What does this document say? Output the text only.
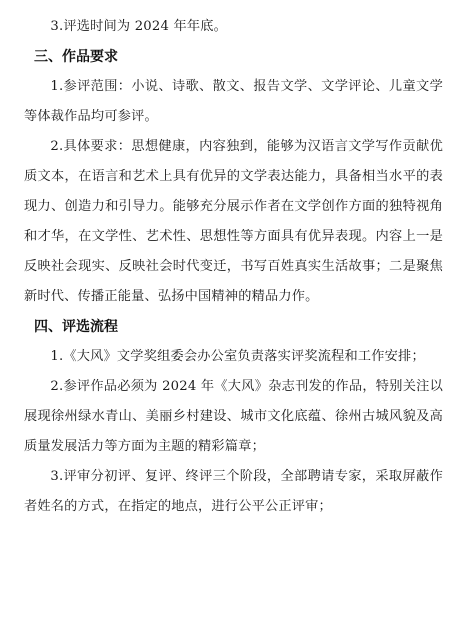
3.评选时间为 2024 年年底。

三、作品要求

1.参评范围：小说、诗歌、散文、报告文学、文学评论、儿童文学等体裁作品均可参评。

2.具体要求：思想健康，内容独到，能够为汉语言文学写作贡献优质文本，在语言和艺术上具有优异的文学表达能力，具备相当水平的表现力、创造力和引导力。能够充分展示作者在文学创作方面的独特视角和才华，在文学性、艺术性、思想性等方面具有优异表现。内容上一是反映社会现实、反映社会时代变迁，书写百姓真实生活故事；二是聚焦新时代、传播正能量、弘扬中国精神的精品力作。

四、评选流程

1.《大风》文学奖组委会办公室负责落实评奖流程和工作安排；

2.参评作品必须为 2024 年《大风》杂志刊发的作品，特别关注以展现徐州绿水青山、美丽乡村建设、城市文化底蕴、徐州古城风貌及高质量发展活力等方面为主题的精彩篇章；

3.评审分初评、复评、终评三个阶段，全部聘请专家，采取屏蔽作者姓名的方式，在指定的地点，进行公平公正评审；
